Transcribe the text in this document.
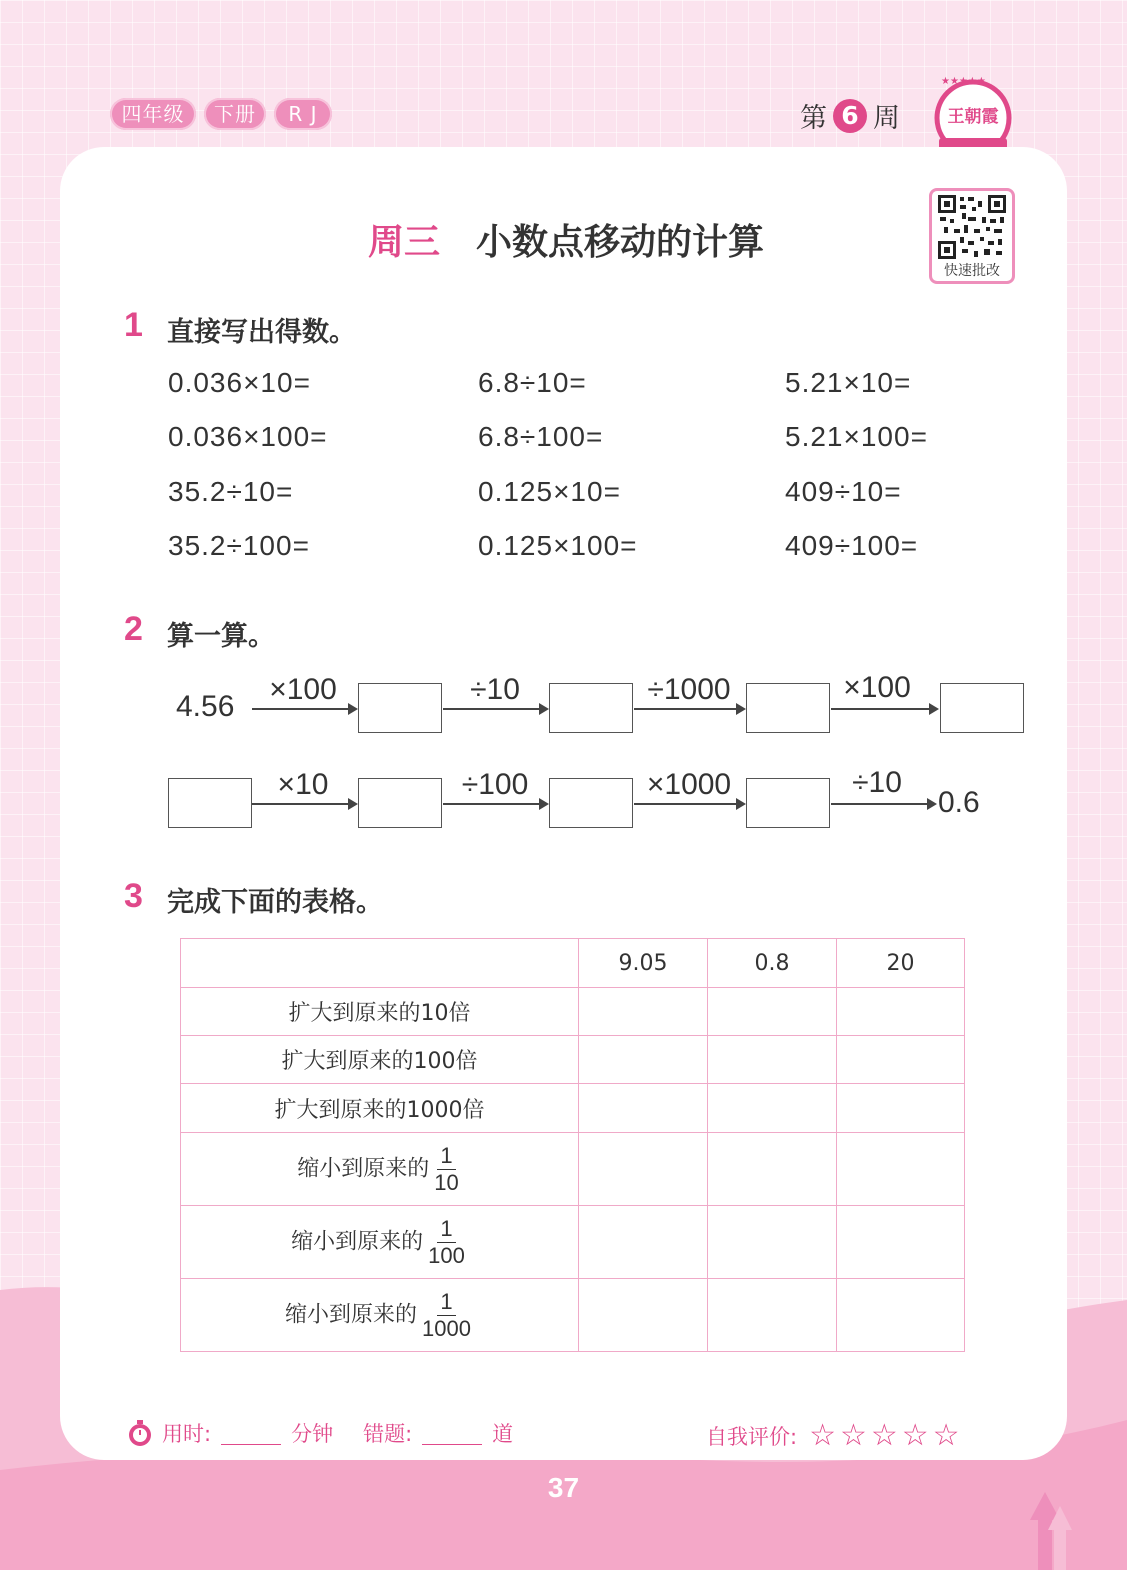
四年级	下册	R J	第 6 周
★★★★★
王朝霞
周三 小数点移动的计算
快速批改
1 直接写出得数。
0.036×10=	6.8÷10=	5.21×10=
0.036×100=	6.8÷100=	5.21×100=
35.2÷10=	0.125×10=	409÷10=
35.2÷100=	0.125×100=	409÷100=
2 算一算。
4.56
×100	÷10	÷1000	×100
×10	÷100	×1000	÷10
0.6
3 完成下面的表格。
	9.05	0.8	20
扩大到原来的10倍			
扩大到原来的100倍			
扩大到原来的1000倍			
缩小到原来的 $\frac{1}{10}$

缩小到原来的 $\frac{1}{100}$

缩小到原来的 $\frac{1}{1000}$

用时:	分钟 错题:	道	自我评价: ☆☆☆☆☆
37
